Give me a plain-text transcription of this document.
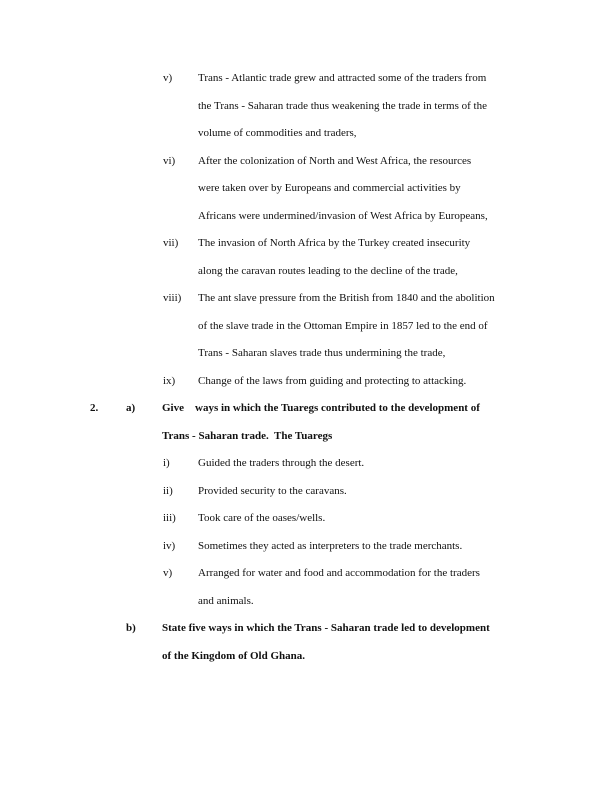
v) Trans - Atlantic trade grew and attracted some of the traders from
the Trans - Saharan trade thus weakening the trade in terms of the
volume of commodities and traders,
vi) After the colonization of North and West Africa, the resources
were taken over by Europeans and commercial activities by
Africans were undermined/invasion of West Africa by Europeans,
vii) The invasion of North Africa by the Turkey created insecurity
along the caravan routes leading to the decline of the trade,
viii) The ant slave pressure from the British from 1840 and the abolition
of the slave trade in the Ottoman Empire in 1857 led to the end of
Trans - Saharan slaves trade thus undermining the trade,
ix) Change of the laws from guiding and protecting to attacking.
2.	a) Give    ways in which the Tuaregs contributed to the development of
Trans - Saharan trade.  The Tuaregs
i)	Guided the traders through the desert.
ii) Provided security to the caravans.
iii) Took care of the oases/wells.
iv) Sometimes they acted as interpreters to the trade merchants.
v) Arranged for water and food and accommodation for the traders
and animals.
b) State five ways in which the Trans - Saharan trade led to development
of the Kingdom of Old Ghana.
